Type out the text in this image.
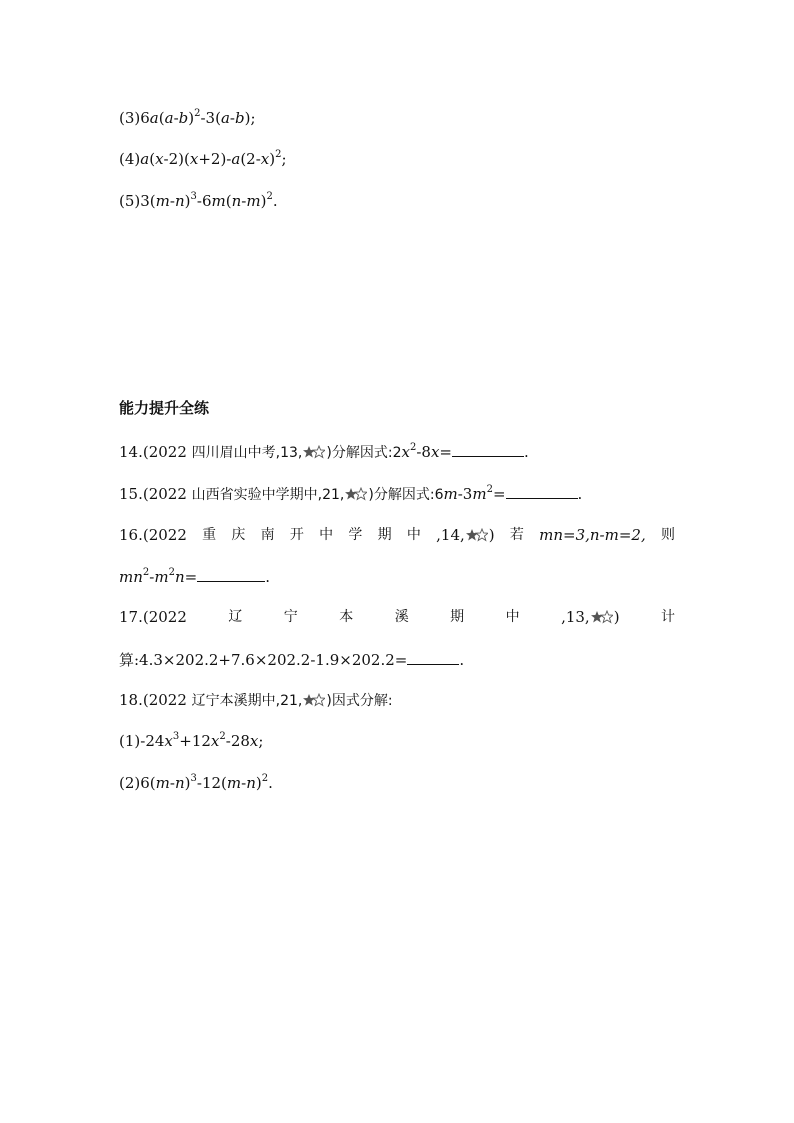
$(3)6a(a-b)^2-3(a-b)$;
$(4)a(x-2)(x+2)-a(2-x)^2$;
$(5)3(m-n)^3-6m(n-m)^2$.
能力提升全练
14.(2022 四川眉山中考,13, )分解因式$:2x^2-8x=$	.
15.(2022 山西省实验中学期中,21, )分解因式$:6m-3m^2=$	.
16.(2022 重 庆 南 开 中 学 期 中 ,14, ) 若 mn=3,n-m=2, 则
$mn^2-m^2n=$	.
17.(2022	辽	宁	本	溪	期	中	,13, )	计
算:4.3×202.2+7.6×202.2-1.9×202.2=	.
18.(2022 辽宁本溪期中,21, )因式分解:
$(1)-24x^3+12x^2-28x$;
$(2)6(m-n)^3-12(m-n)^2$.
